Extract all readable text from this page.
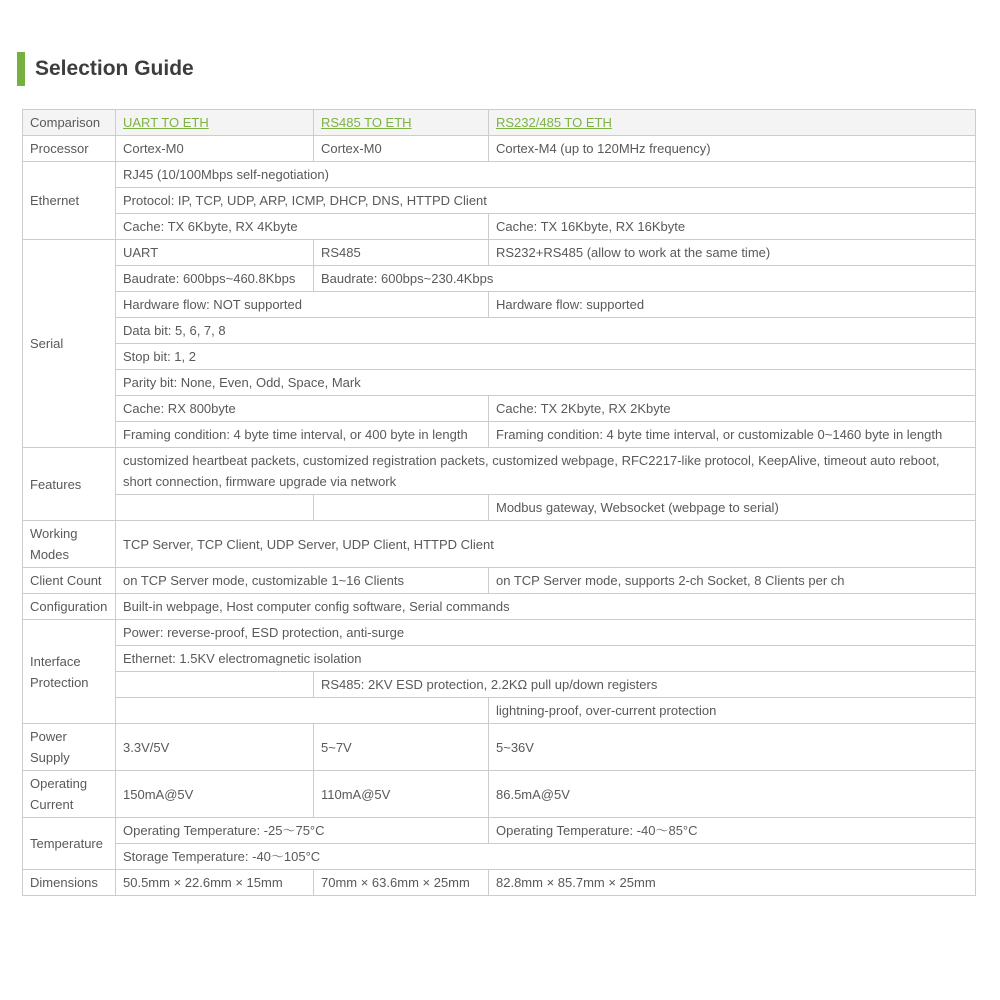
Selection Guide
Comparison	UART TO ETH	RS485 TO ETH	RS232/485 TO ETH
Processor	Cortex-M0	Cortex-M0	Cortex-M4 (up to 120MHz frequency)
Ethernet	RJ45 (10/100Mbps self-negotiation)		
	Protocol: IP, TCP, UDP, ARP, ICMP, DHCP, DNS, HTTPD Client		
	Cache: TX 6Kbyte, RX 4Kbyte		Cache: TX 16Kbyte, RX 16Kbyte
Serial	UART	RS485	RS232+RS485 (allow to work at the same time)
	Baudrate: 600bps~460.8Kbps	Baudrate: 600bps~230.4Kbps	
	Hardware flow: NOT supported		Hardware flow: supported
	Data bit: 5, 6, 7, 8		
	Stop bit: 1, 2		
	Parity bit: None, Even, Odd, Space, Mark		
	Cache: RX 800byte		Cache: TX 2Kbyte, RX 2Kbyte
	Framing condition: 4 byte time interval, or 400 byte in length		Framing condition: 4 byte time interval, or customizable 0~1460 byte in length
Features	customized heartbeat packets, customized registration packets, customized webpage, RFC2217-like protocol, KeepAlive, timeout auto reboot, short connection, firmware upgrade via network		
			Modbus gateway, Websocket (webpage to serial)
Working Modes	TCP Server, TCP Client, UDP Server, UDP Client, HTTPD Client		
Client Count	on TCP Server mode, customizable 1~16 Clients		on TCP Server mode, supports 2-ch Socket, 8 Clients per ch
Configuration	Built-in webpage, Host computer config software, Serial commands		
Interface Protection	Power: reverse-proof, ESD protection, anti-surge		
	Ethernet: 1.5KV electromagnetic isolation		
		RS485: 2KV ESD protection, 2.2KΩ pull up/down registers	
			lightning-proof, over-current protection
Power Supply	3.3V/5V	5~7V	5~36V
Operating Current	150mA@5V	110mA@5V	86.5mA@5V
Temperature	Operating Temperature: -25～75°C		Operating Temperature: -40～85°C
	Storage Temperature: -40～105°C		
Dimensions	50.5mm × 22.6mm × 15mm	70mm × 63.6mm × 25mm	82.8mm × 85.7mm × 25mm
